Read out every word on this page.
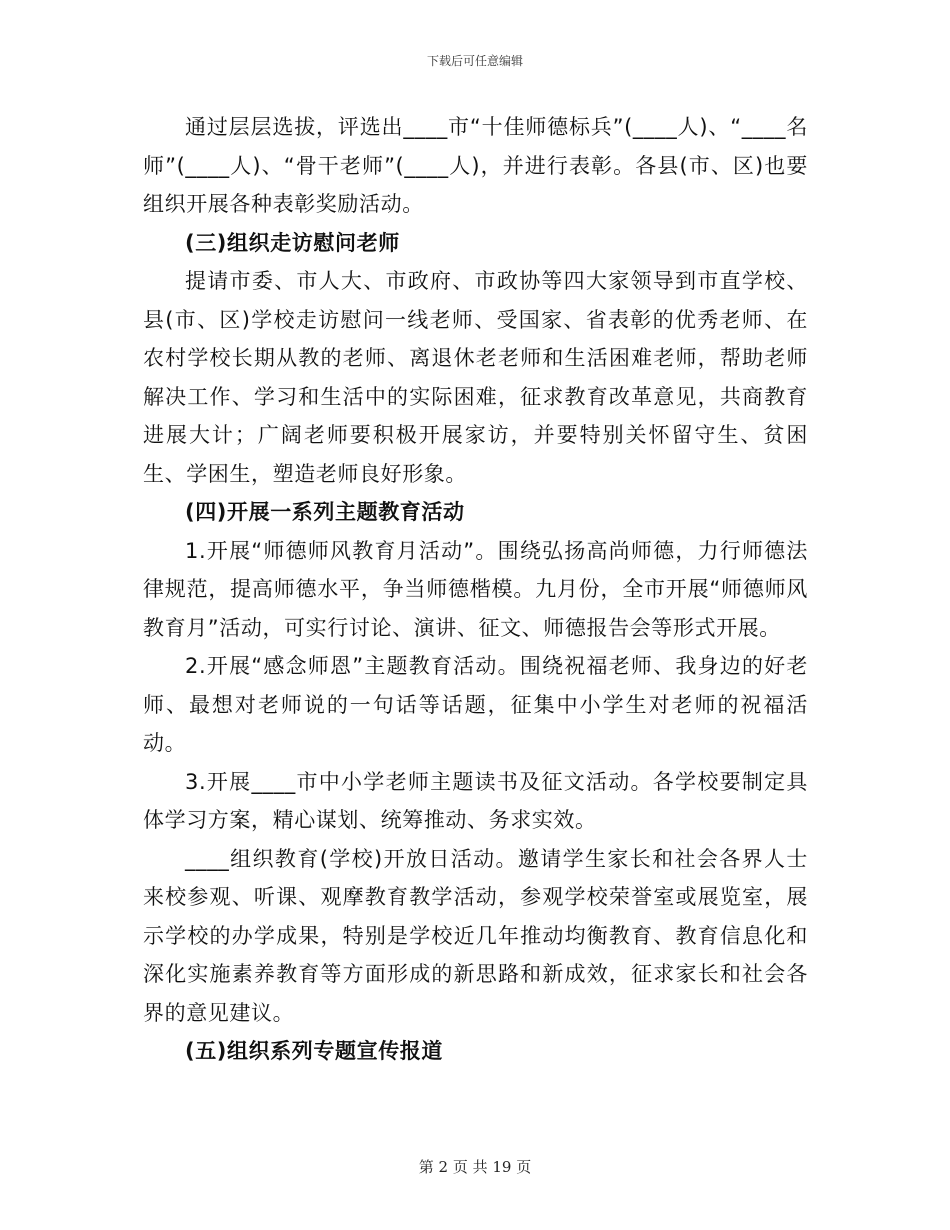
下载后可任意编辑

通过层层选拔，评选出____市“十佳师德标兵”(____人)、“____名师”(____人)、“骨干老师”(____人)，并进行表彰。各县(市、区)也要组织开展各种表彰奖励活动。

(三)组织走访慰问老师

提请市委、市人大、市政府、市政协等四大家领导到市直学校、县(市、区)学校走访慰问一线老师、受国家、省表彰的优秀老师、在农村学校长期从教的老师、离退休老老师和生活困难老师，帮助老师解决工作、学习和生活中的实际困难，征求教育改革意见，共商教育进展大计；广阔老师要积极开展家访，并要特别关怀留守生、贫困生、学困生，塑造老师良好形象。

(四)开展一系列主题教育活动

1.开展“师德师风教育月活动”。围绕弘扬高尚师德，力行师德法律规范，提高师德水平，争当师德楷模。九月份，全市开展“师德师风教育月”活动，可实行讨论、演讲、征文、师德报告会等形式开展。

2.开展“感念师恩”主题教育活动。围绕祝福老师、我身边的好老师、最想对老师说的一句话等话题，征集中小学生对老师的祝福活动。

3.开展____市中小学老师主题读书及征文活动。各学校要制定具体学习方案，精心谋划、统筹推动、务求实效。

____组织教育(学校)开放日活动。邀请学生家长和社会各界人士来校参观、听课、观摩教育教学活动，参观学校荣誉室或展览室，展示学校的办学成果，特别是学校近几年推动均衡教育、教育信息化和深化实施素养教育等方面形成的新思路和新成效，征求家长和社会各界的意见建议。

(五)组织系列专题宣传报道

第 2 页 共 19 页
